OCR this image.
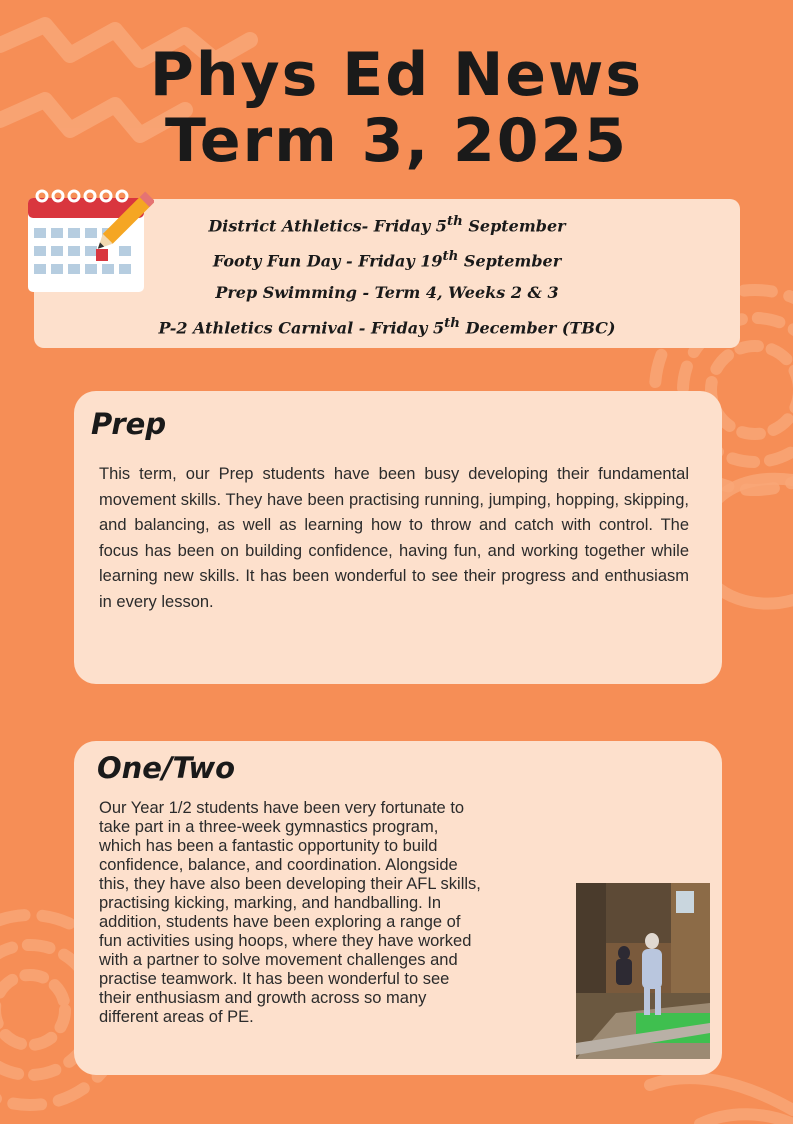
Phys Ed News
Term 3, 2025
District Athletics- Friday 5th September
Footy Fun Day - Friday 19th September
Prep Swimming - Term 4, Weeks 2 & 3
P-2 Athletics Carnival - Friday 5th December (TBC)
Prep

This term, our Prep students have been busy developing their fundamental movement skills. They have been practising running, jumping, hopping, skipping, and balancing, as well as learning how to throw and catch with control. The focus has been on building confidence, having fun, and working together while learning new skills. It has been wonderful to see their progress and enthusiasm in every lesson.

One/Two

Our Year 1/2 students have been very fortunate to
take part in a three-week gymnastics program,
which has been a fantastic opportunity to build
confidence, balance, and coordination. Alongside
this, they have also been developing their AFL skills,
practising kicking, marking, and handballing. In
addition, students have been exploring a range of
fun activities using hoops, where they have worked
with a partner to solve movement challenges and
practise teamwork. It has been wonderful to see
their enthusiasm and growth across so many
different areas of PE.
